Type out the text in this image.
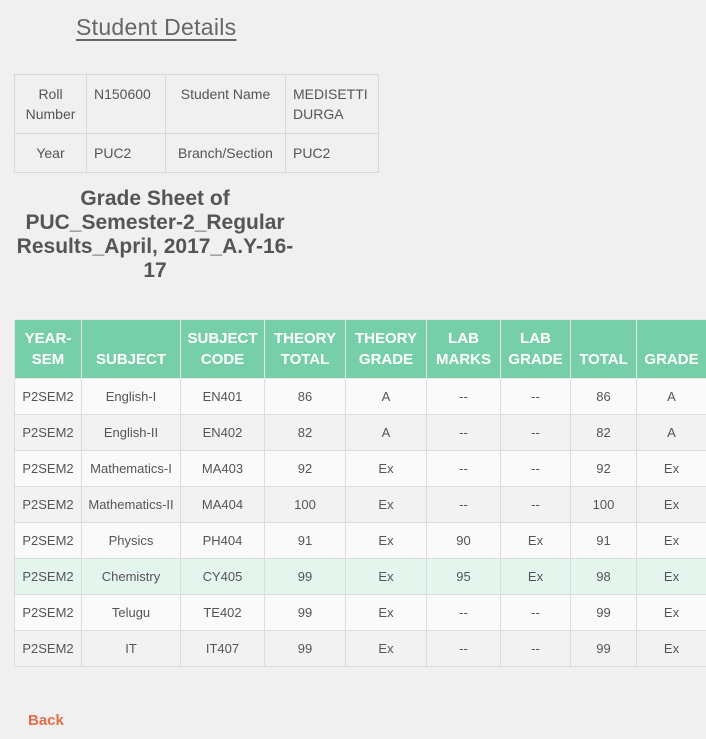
Student Details
Roll Number	N150600	Student Name	MEDISETTI DURGA
Year	PUC2	Branch/Section	PUC2
Grade Sheet of PUC_Semester-2_Regular Results_April, 2017_A.Y-16-17
YEAR-SEM	SUBJECT	SUBJECT CODE	THEORY TOTAL	THEORY GRADE	LAB MARKS	LAB GRADE	TOTAL	GRADE
P2SEM2	English-I	EN401	86	A	--	--	86	A
P2SEM2	English-II	EN402	82	A	--	--	82	A
P2SEM2	Mathematics-I	MA403	92	Ex	--	--	92	Ex
P2SEM2	Mathematics-II	MA404	100	Ex	--	--	100	Ex
P2SEM2	Physics	PH404	91	Ex	90	Ex	91	Ex
P2SEM2	Chemistry	CY405	99	Ex	95	Ex	98	Ex
P2SEM2	Telugu	TE402	99	Ex	--	--	99	Ex
P2SEM2	IT	IT407	99	Ex	--	--	99	Ex
Back
